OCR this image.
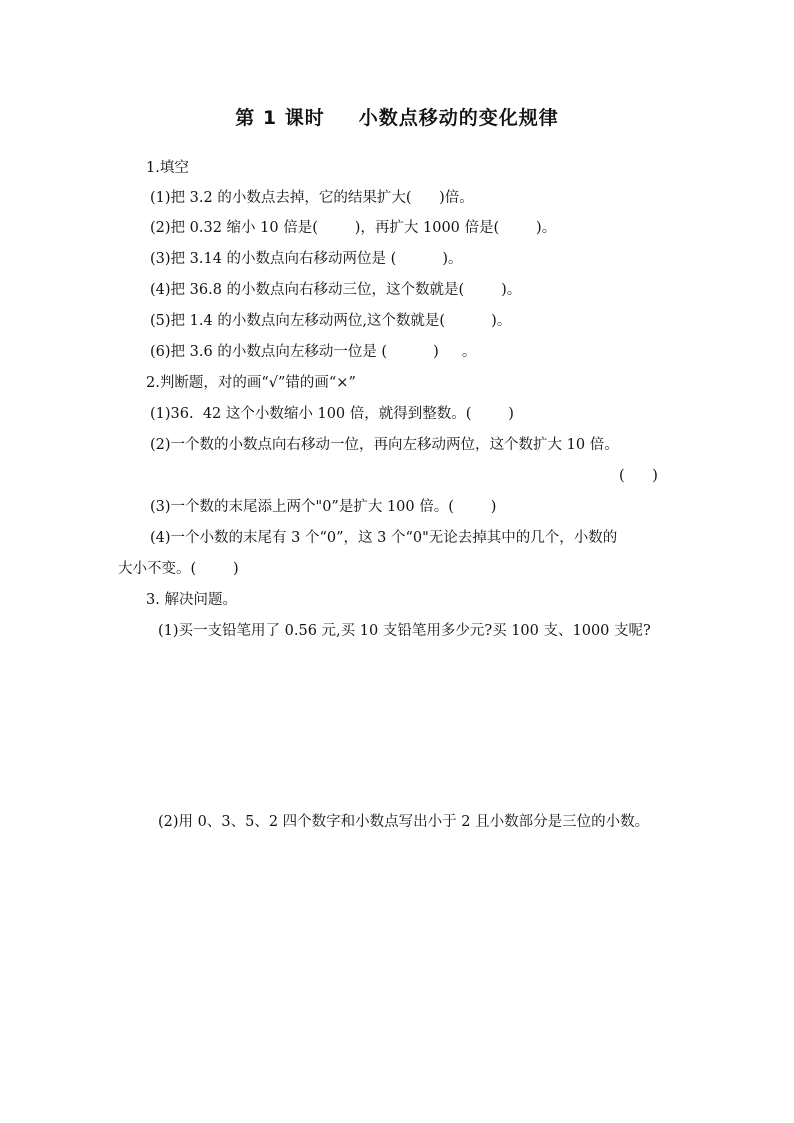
第 1 课时 小数点移动的变化规律
1.填空
(1)把 3.2 的小数点去掉，它的结果扩大(      )倍。
(2)把 0.32 缩小 10 倍是(        )，再扩大 1000 倍是(        )。
(3)把 3.14 的小数点向右移动两位是 (          )。
(4)把 36.8 的小数点向右移动三位，这个数就是(        )。
(5)把 1.4 的小数点向左移动两位,这个数就是(          )。
(6)把 3.6 的小数点向左移动一位是 (          )     。
2.判断题，对的画“√”错的画“×”
(1)36.  42 这个小数缩小 100 倍，就得到整数。(        )
(2)一个数的小数点向右移动一位，再向左移动两位，这个数扩大 10 倍。
(      )
(3)一个数的末尾添上两个"0”是扩大 100 倍。(        )
(4)一个小数的末尾有 3 个“0”，这 3 个“0"无论去掉其中的几个，小数的
大小不变。(        )
3. 解决问题。
(1)买一支铅笔用了 0.56 元,买 10 支铅笔用多少元?买 100 支、1000 支呢?
(2)用 0、3、5、2 四个数字和小数点写出小于 2 且小数部分是三位的小数。
